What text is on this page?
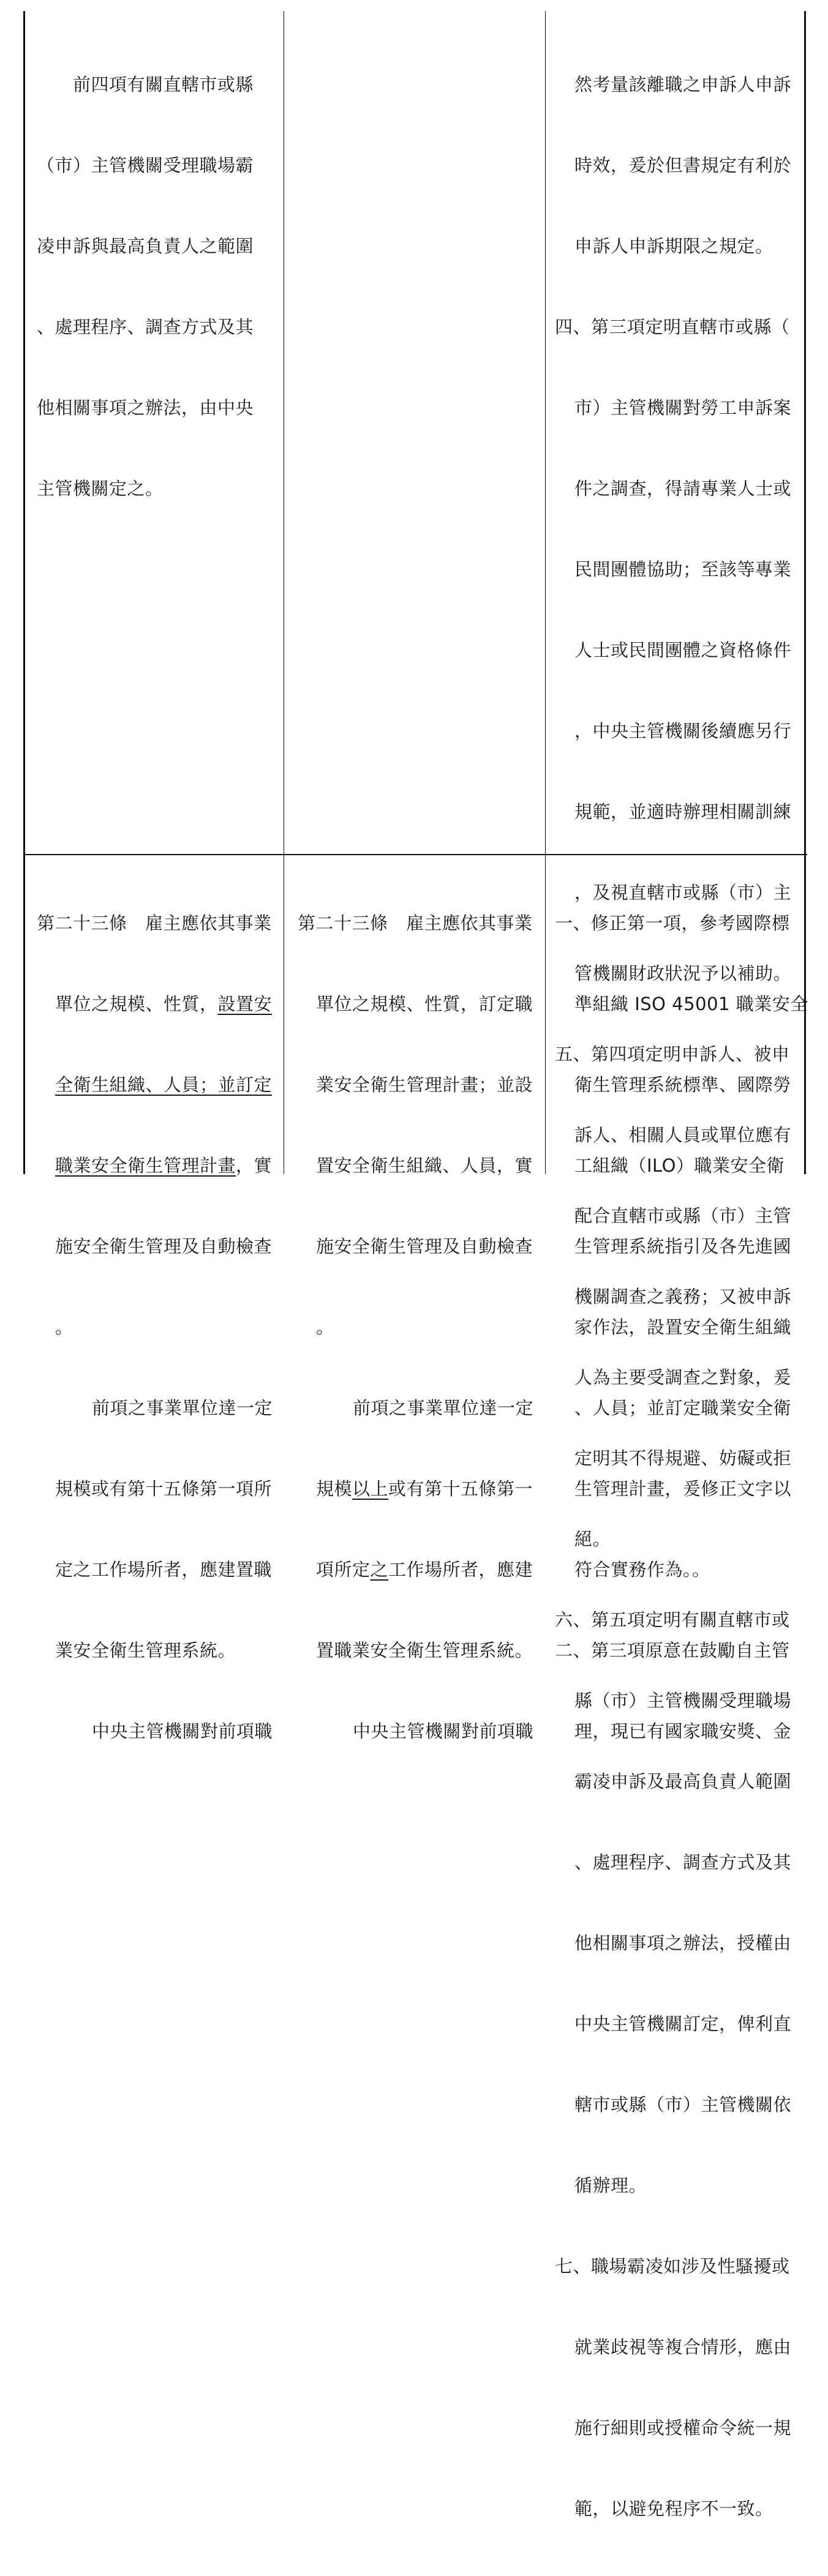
　　前四項有關直轄市或縣

（市）主管機關受理職場霸

凌申訴與最高負責人之範圍

、處理程序、調查方式及其

他相關事項之辦法，由中央

主管機關定之。

然考量該離職之申訴人申訴

時效，爰於但書規定有利於

申訴人申訴期限之規定。

四、第三項定明直轄市或縣（

市）主管機關對勞工申訴案

件之調查，得請專業人士或

民間團體協助；至該等專業

人士或民間團體之資格條件

，中央主管機關後續應另行

規範，並適時辦理相關訓練

，及視直轄市或縣（市）主

管機關財政狀況予以補助。

五、第四項定明申訴人、被申

訴人、相關人員或單位應有

配合直轄市或縣（市）主管

機關調查之義務；又被申訴

人為主要受調查之對象，爰

定明其不得規避、妨礙或拒

絕。

六、第五項定明有關直轄市或

縣（市）主管機關受理職場

霸凌申訴及最高負責人範圍

、處理程序、調查方式及其

他相關事項之辦法，授權由

中央主管機關訂定，俾利直

轄市或縣（市）主管機關依

循辦理。

七、職場霸凌如涉及性騷擾或

就業歧視等複合情形，應由

施行細則或授權命令統一規

範，以避免程序不一致。

第二十三條　雇主應依其事業

單位之規模、性質，設置安

全衛生組織、人員；並訂定

職業安全衛生管理計畫，實

施安全衛生管理及自動檢查

。

前項之事業單位達一定

規模或有第十五條第一項所

定之工作場所者，應建置職

業安全衛生管理系統。

中央主管機關對前項職

第二十三條　雇主應依其事業

單位之規模、性質，訂定職

業安全衛生管理計畫；並設

置安全衛生組織、人員，實

施安全衛生管理及自動檢查

。

前項之事業單位達一定

規模以上或有第十五條第一

項所定之工作場所者，應建

置職業安全衛生管理系統。

中央主管機關對前項職

一、修正第一項，參考國際標

準組織 ISO 45001 職業安全

衛生管理系統標準、國際勞

工組織（ILO）職業安全衛

生管理系統指引及各先進國

家作法，設置安全衛生組織

、人員；並訂定職業安全衛

生管理計畫，爰修正文字以

符合實務作為。。

二、第三項原意在鼓勵自主管

理，現已有國家職安獎、金
